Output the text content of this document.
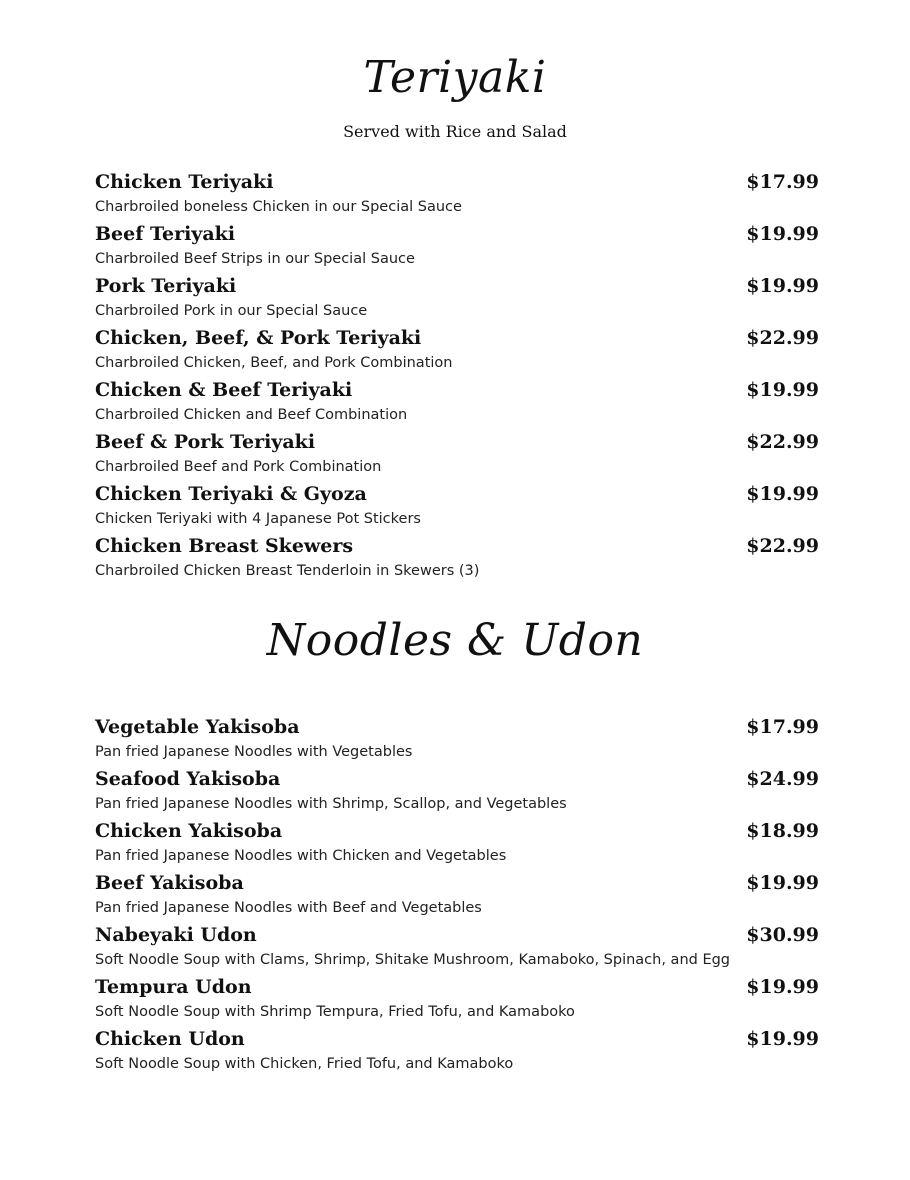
Teriyaki
Served with Rice and Salad
Chicken Teriyaki	$17.99
Charbroiled boneless Chicken in our Special Sauce
Beef Teriyaki	$19.99
Charbroiled Beef Strips in our Special Sauce
Pork Teriyaki	$19.99
Charbroiled Pork in our Special Sauce
Chicken, Beef, & Pork Teriyaki	$22.99
Charbroiled Chicken, Beef, and Pork Combination
Chicken & Beef Teriyaki	$19.99
Charbroiled Chicken and Beef Combination
Beef & Pork Teriyaki	$22.99
Charbroiled Beef and Pork Combination
Chicken Teriyaki & Gyoza	$19.99
Chicken Teriyaki with 4 Japanese Pot Stickers
Chicken Breast Skewers	$22.99
Charbroiled Chicken Breast Tenderloin in Skewers (3)
Noodles & Udon
Vegetable Yakisoba	$17.99
Pan fried Japanese Noodles with Vegetables
Seafood Yakisoba	$24.99
Pan fried Japanese Noodles with Shrimp, Scallop, and Vegetables
Chicken Yakisoba	$18.99
Pan fried Japanese Noodles with Chicken and Vegetables
Beef Yakisoba	$19.99
Pan fried Japanese Noodles with Beef and Vegetables
Nabeyaki Udon	$30.99
Soft Noodle Soup with Clams, Shrimp, Shitake Mushroom, Kamaboko, Spinach, and Egg
Tempura Udon	$19.99
Soft Noodle Soup with Shrimp Tempura, Fried Tofu, and Kamaboko
Chicken Udon	$19.99
Soft Noodle Soup with Chicken, Fried Tofu, and Kamaboko
